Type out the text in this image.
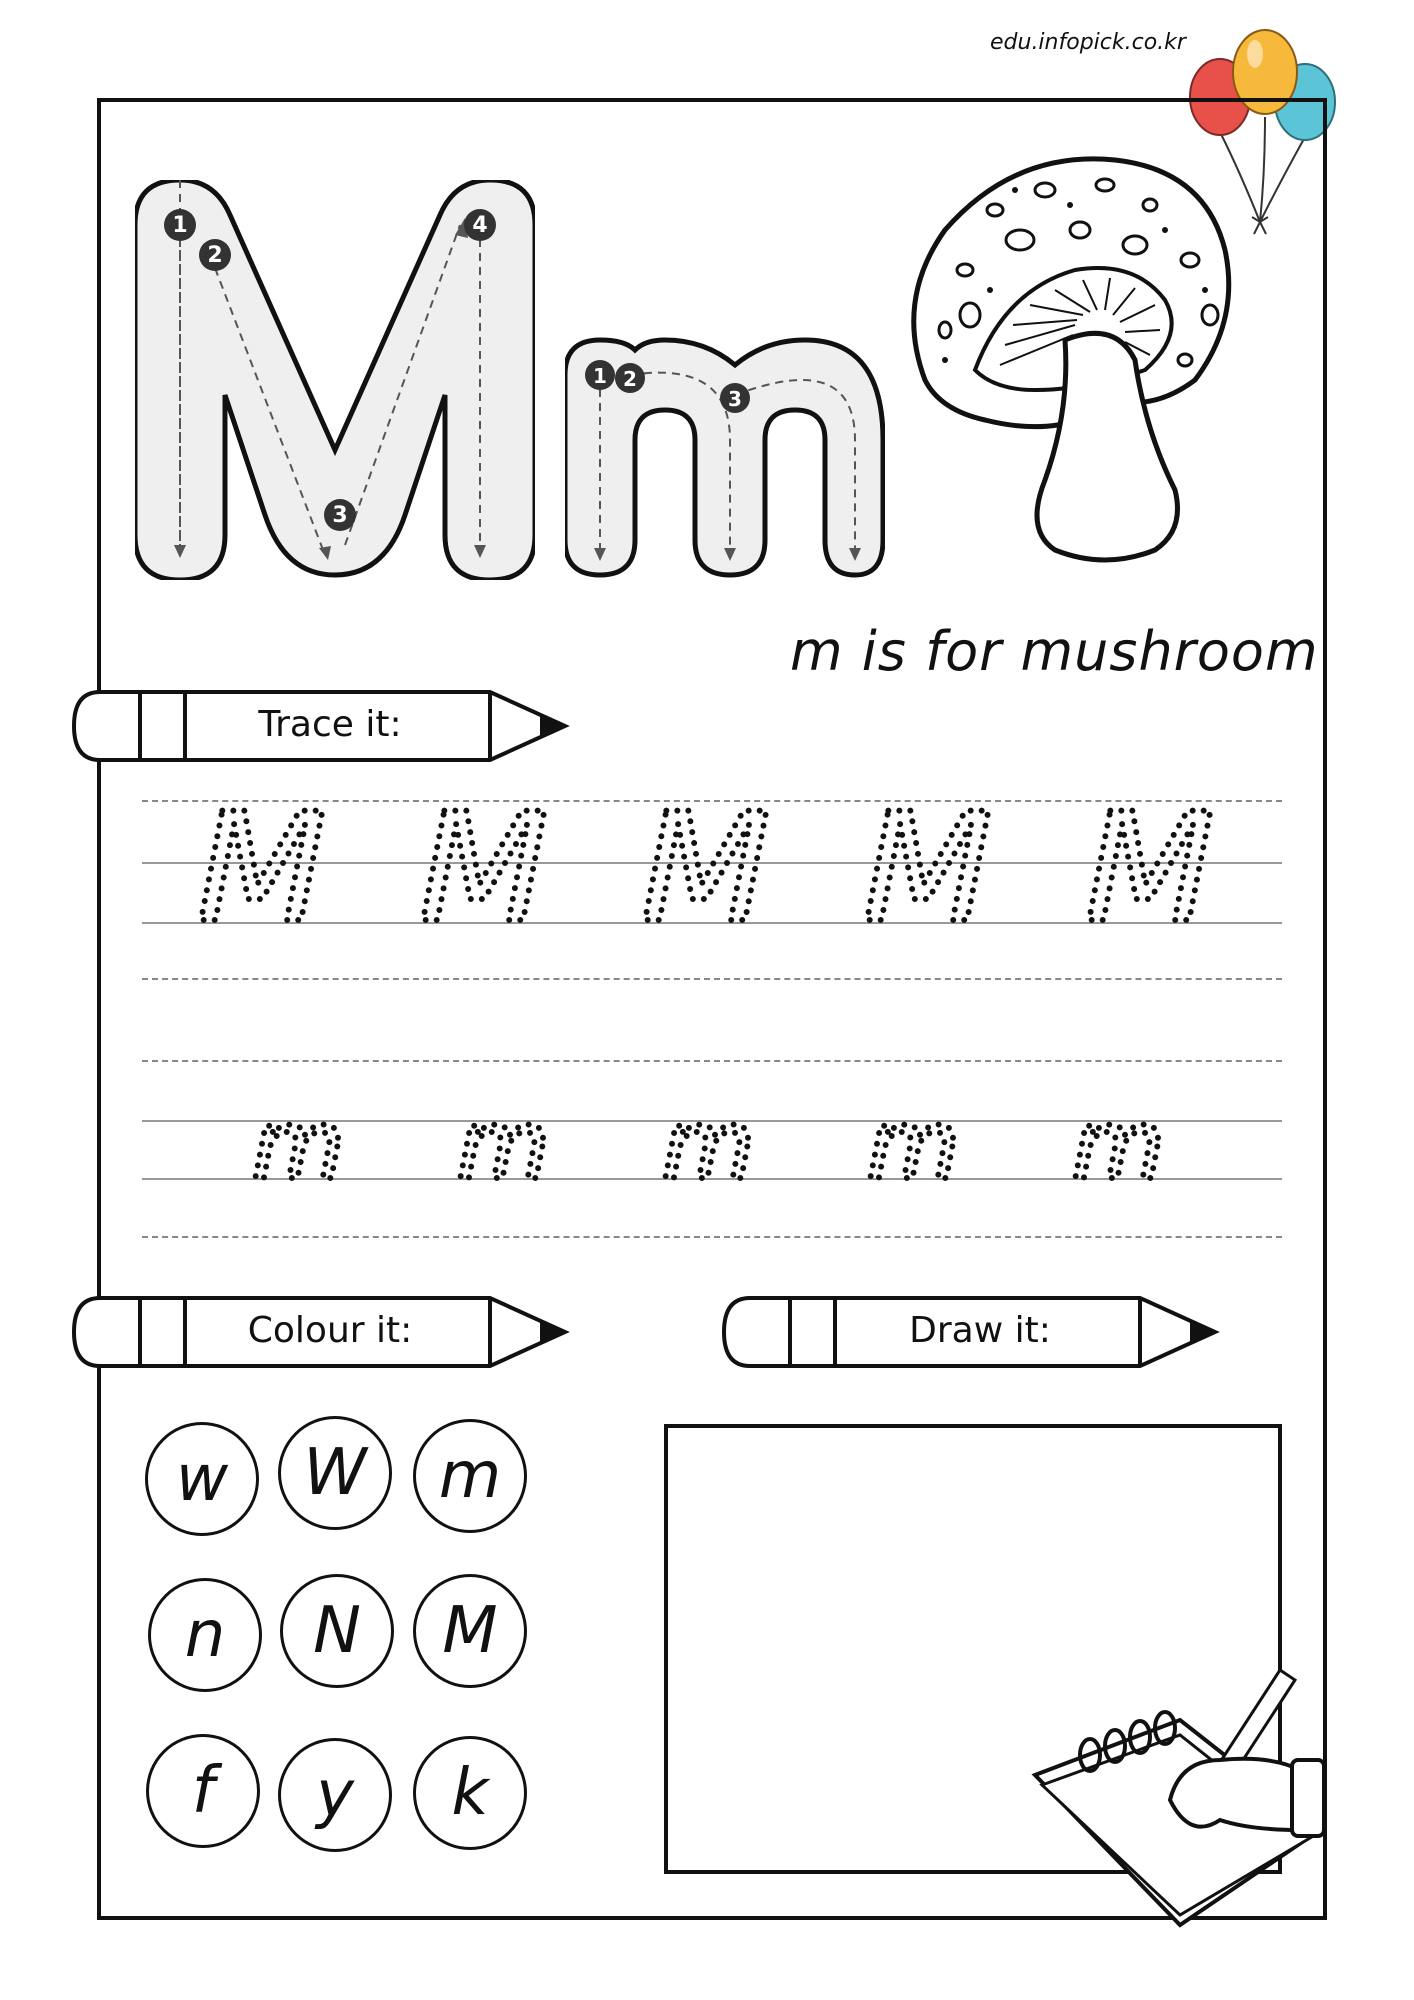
edu.infopick.co.kr
1
2
3
4
1 2
3
m is for mushroom
Trace it:
M M M M M
m m m m m
Colour it:	Draw it:
w	W	m
n	N	M
f	y	k
